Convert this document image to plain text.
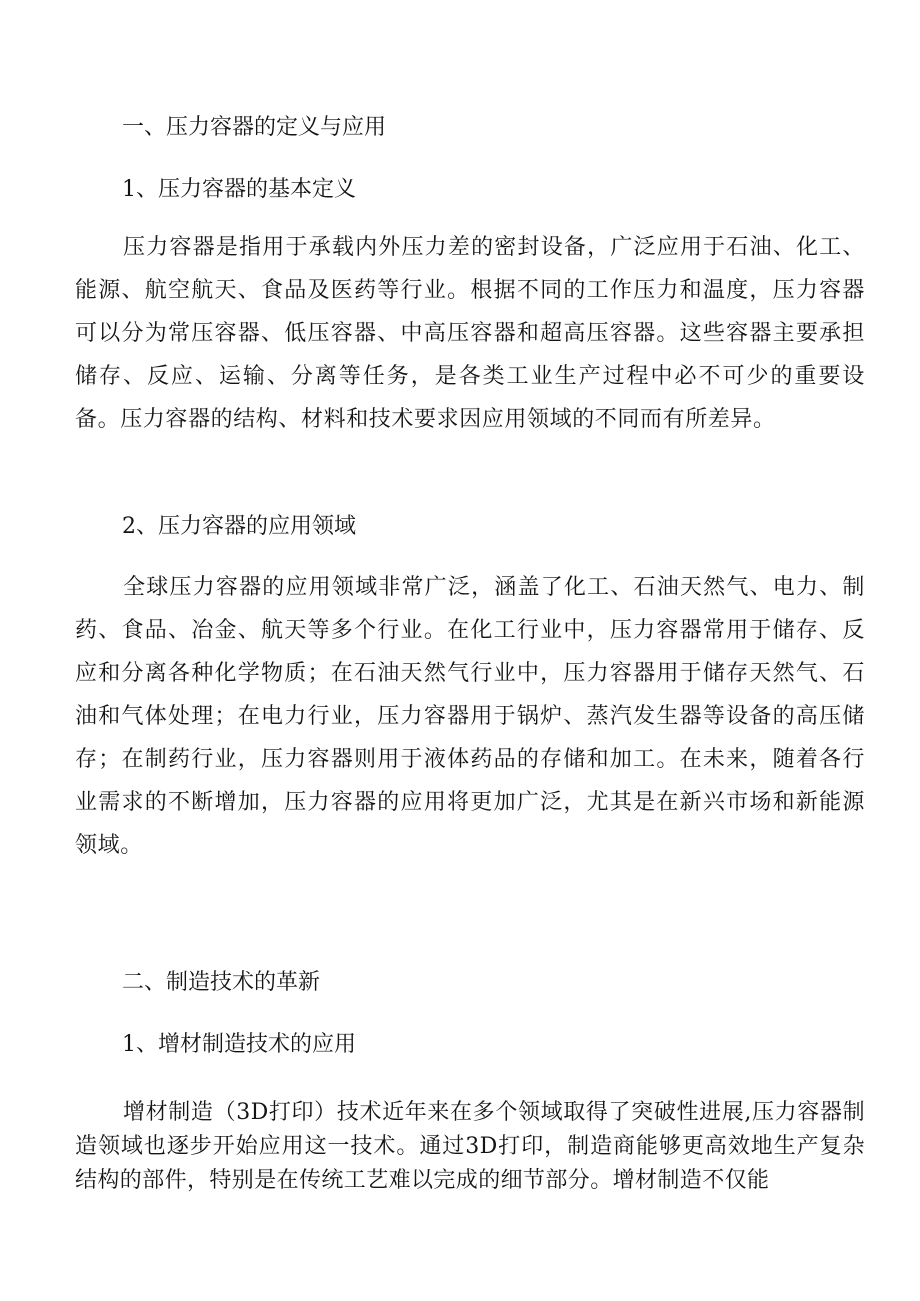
一、压力容器的定义与应用
1、压力容器的基本定义

压力容器是指用于承载内外压力差的密封设备，广泛应用于石油、化工、能源、航空航天、食品及医药等行业。根据不同的工作压力和温度，压力容器可以分为常压容器、低压容器、中高压容器和超高压容器。这些容器主要承担储存、反应、运输、分离等任务，是各类工业生产过程中必不可少的重要设备。压力容器的结构、材料和技术要求因应用领域的不同而有所差异。

2、压力容器的应用领域

全球压力容器的应用领域非常广泛，涵盖了化工、石油天然气、电力、制药、食品、冶金、航天等多个行业。在化工行业中，压力容器常用于储存、反应和分离各种化学物质；在石油天然气行业中，压力容器用于储存天然气、石油和气体处理；在电力行业，压力容器用于锅炉、蒸汽发生器等设备的高压储存；在制药行业，压力容器则用于液体药品的存储和加工。在未来，随着各行业需求的不断增加，压力容器的应用将更加广泛，尤其是在新兴市场和新能源领域。

二、制造技术的革新
1、增材制造技术的应用

增材制造（3D打印）技术近年来在多个领域取得了突破性进展,压力容器制造领域也逐步开始应用这一技术。通过3D打印，制造商能够更高效地生产复杂结构的部件，特别是在传统工艺难以完成的细节部分。增材制造不仅能
